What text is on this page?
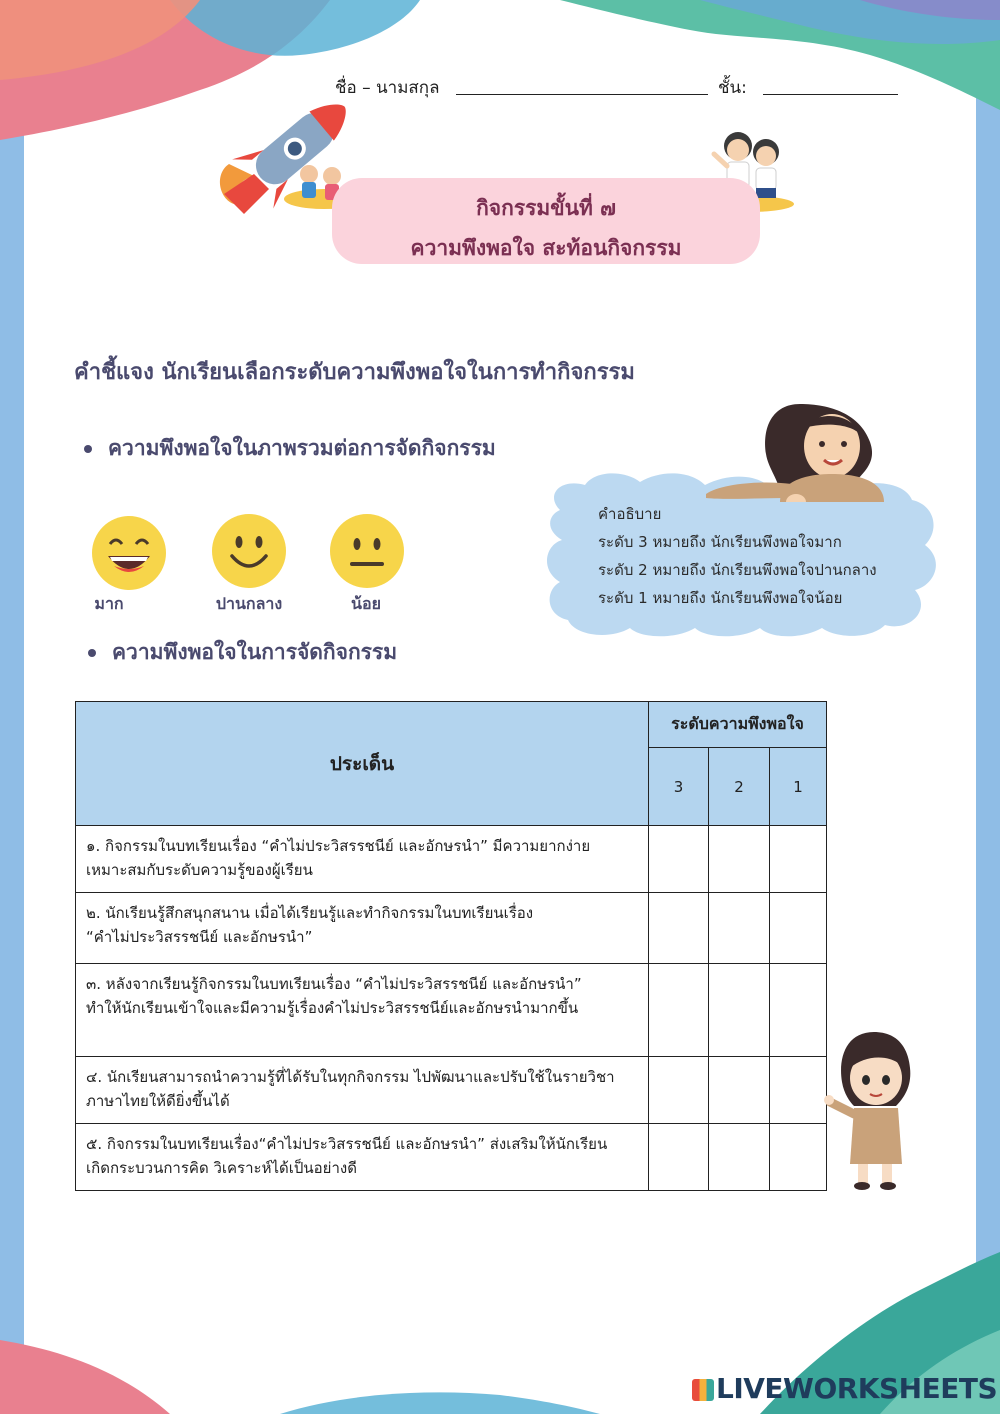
ชื่อ – นามสกุล	ชั้น:
กิจกรรมขั้นที่ ๗
ความพึงพอใจ สะท้อนกิจกรรม
คำชี้แจง นักเรียนเลือกระดับความพึงพอใจในการทำกิจกรรม
ความพึงพอใจในภาพรวมต่อการจัดกิจกรรม
มาก	ปานกลาง	น้อย
คำอธิบาย
ระดับ 3 หมายถึง นักเรียนพึงพอใจมาก
ระดับ 2 หมายถึง นักเรียนพึงพอใจปานกลาง
ระดับ 1 หมายถึง นักเรียนพึงพอใจน้อย
ความพึงพอใจในการจัดกิจกรรม
ประเด็น	ระดับความพึงพอใจ		
	3	2	1

๑. กิจกรรมในบทเรียนเรื่อง “คำไม่ประวิสรรชนีย์ และอักษรนำ” มีความยากง่าย
เหมาะสมกับระดับความรู้ของผู้เรียน			

๒. นักเรียนรู้สึกสนุกสนาน เมื่อได้เรียนรู้และทำกิจกรรมในบทเรียนเรื่อง
“คำไม่ประวิสรรชนีย์ และอักษรนำ”			

๓. หลังจากเรียนรู้กิจกรรมในบทเรียนเรื่อง “คำไม่ประวิสรรชนีย์ และอักษรนำ”
ทำให้นักเรียนเข้าใจและมีความรู้เรื่องคำไม่ประวิสรรชนีย์และอักษรนำมากขึ้น			

๔. นักเรียนสามารถนำความรู้ที่ได้รับในทุกกิจกรรม ไปพัฒนาและปรับใช้ในรายวิชา
ภาษาไทยให้ดียิ่งขึ้นได้			

๕. กิจกรรมในบทเรียนเรื่อง“คำไม่ประวิสรรชนีย์ และอักษรนำ” ส่งเสริมให้นักเรียน
เกิดกระบวนการคิด วิเคราะห์ได้เป็นอย่างดี			

LIVEWORKSHEETS
